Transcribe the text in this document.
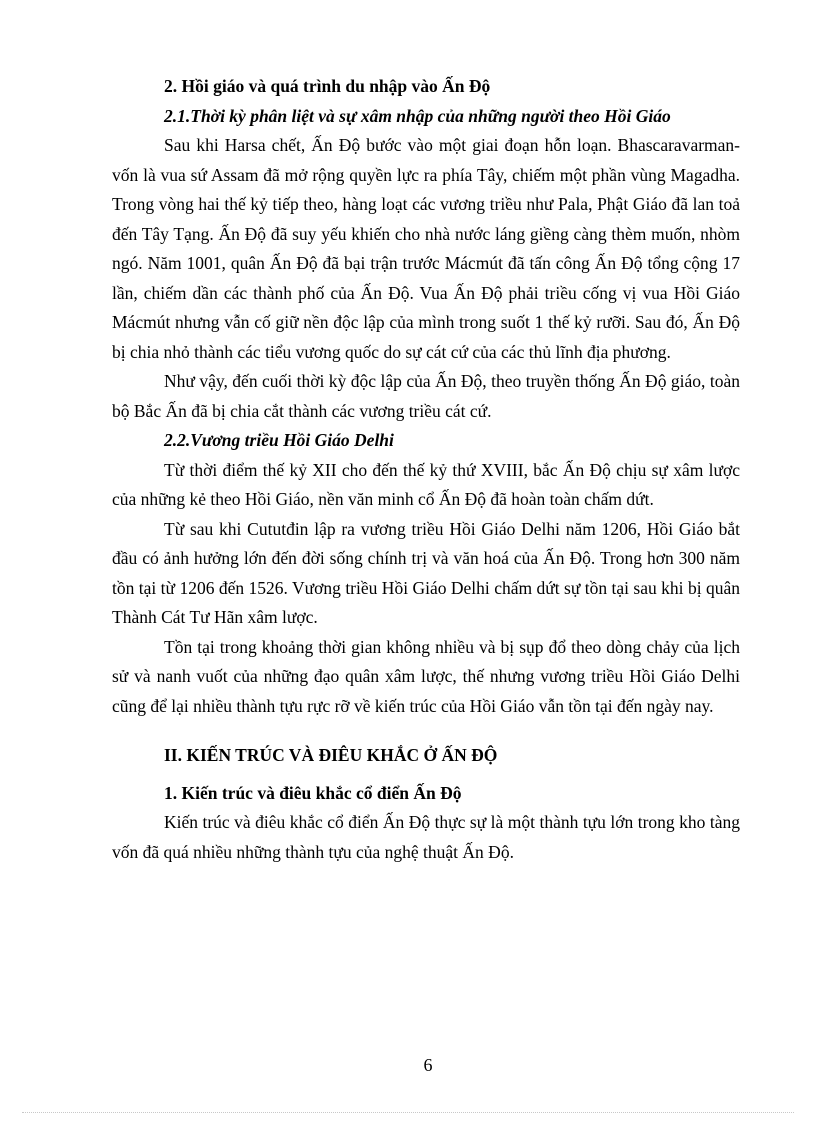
2. Hồi giáo và quá trình du nhập vào Ấn Độ

2.1.Thời kỳ phân liệt và sự xâm nhập của những người theo Hồi Giáo

Sau khi Harsa chết, Ấn Độ bước vào một giai đoạn hỗn loạn. Bhascaravarman- vốn là vua sứ Assam đã mở rộng quyền lực ra phía Tây, chiếm một phần vùng Magadha. Trong vòng hai thế kỷ tiếp theo, hàng loạt các vương triều như Pala, Phật Giáo đã lan toả đến Tây Tạng. Ấn Độ đã suy yếu khiến cho nhà nước láng giềng càng thèm muốn, nhòm ngó. Năm 1001, quân Ấn Độ đã bại trận trước Mácmút đã tấn công Ấn Độ tổng cộng 17 lần, chiếm dần các thành phố của Ấn Độ. Vua Ấn Độ phải triều cống vị vua Hồi Giáo Mácmút nhưng vẫn cố giữ nền độc lập của mình trong suốt 1 thế kỷ rưỡi. Sau đó, Ấn Độ bị chia nhỏ thành các tiểu vương quốc do sự cát cứ của các thủ lĩnh địa phương.

Như vậy, đến cuối thời kỳ độc lập của Ấn Độ, theo truyền thống Ấn Độ giáo, toàn bộ Bắc Ấn đã bị chia cắt thành các vương triều cát cứ.

2.2.Vương triều Hồi Giáo Delhi

Từ thời điểm thế kỷ XII cho đến thế kỷ thứ XVIII, bắc Ấn Độ chịu sự xâm lược của những kẻ theo Hồi Giáo, nền văn minh cổ Ấn Độ đã hoàn toàn chấm dứt.

Từ sau khi Cututđin lập ra vương triều Hồi Giáo Delhi năm 1206, Hồi Giáo bắt đầu có ảnh hưởng lớn đến đời sống chính trị và văn hoá của Ấn Độ. Trong hơn 300 năm tồn tại từ 1206 đến 1526. Vương triều Hồi Giáo Delhi chấm dứt sự tồn tại sau khi bị quân Thành Cát Tư Hãn xâm lược.

Tồn tại trong khoảng thời gian không nhiều và bị sụp đổ theo dòng chảy của lịch sử và nanh vuốt của những đạo quân xâm lược, thế nhưng vương triều Hồi Giáo Delhi cũng để lại nhiều thành tựu rực rỡ về kiến trúc của Hồi Giáo vẫn tồn tại đến ngày nay.

II. KIẾN TRÚC VÀ ĐIÊU KHẮC Ở ẤN ĐỘ

1. Kiến trúc và điêu khắc cổ điển Ấn Độ

Kiến trúc và điêu khắc cổ điển Ấn Độ thực sự là một thành tựu lớn trong kho tàng vốn đã quá nhiều những thành tựu của nghệ thuật Ấn Độ.

6
